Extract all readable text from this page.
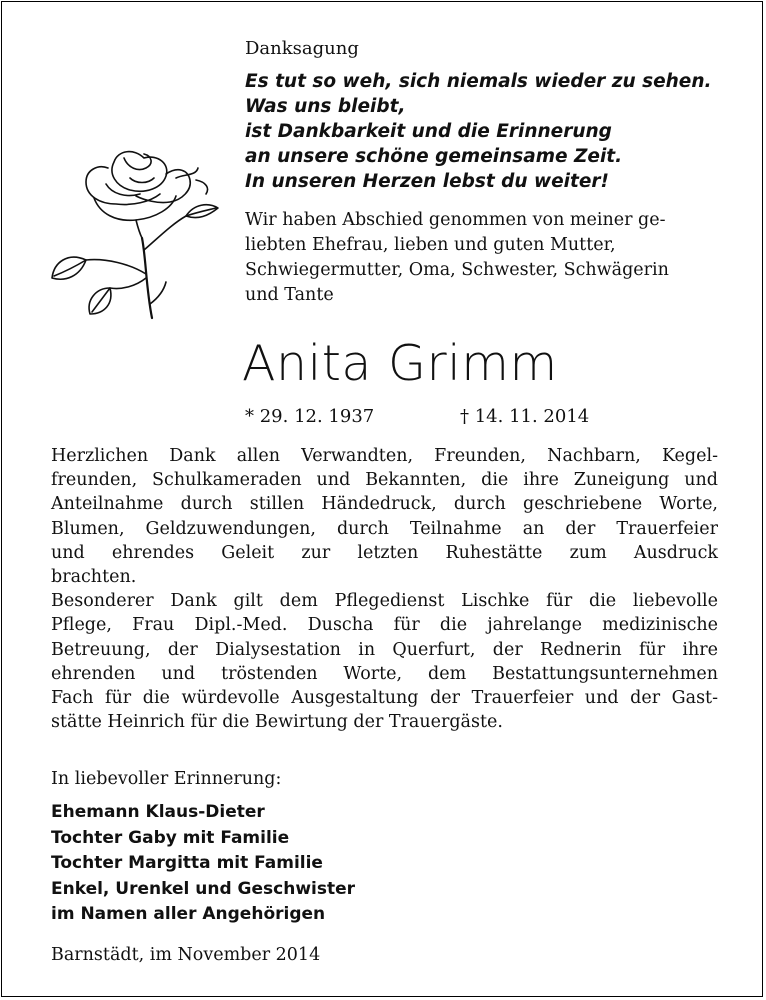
Danksagung
Es tut so weh, sich niemals wieder zu sehen.
Was uns bleibt,
ist Dankbarkeit und die Erinnerung
an unsere schöne gemeinsame Zeit.
In unseren Herzen lebst du weiter!
Wir haben Abschied genommen von meiner ge-
liebten Ehefrau, lieben und guten Mutter,
Schwiegermutter, Oma, Schwester, Schwägerin
und Tante
Anita Grimm
* 29. 12. 1937	† 14. 11. 2014
Herzlichen Dank allen Verwandten, Freunden, Nachbarn, Kegel-
freunden, Schulkameraden und Bekannten, die ihre Zuneigung und
Anteilnahme durch stillen Händedruck, durch geschriebene Worte,
Blumen, Geldzuwendungen, durch Teilnahme an der Trauerfeier
und ehrendes Geleit zur letzten Ruhestätte zum Ausdruck
brachten.
Besonderer Dank gilt dem Pflegedienst Lischke für die liebevolle
Pflege, Frau Dipl.-Med. Duscha für die jahrelange medizinische
Betreuung, der Dialysestation in Querfurt, der Rednerin für ihre
ehrenden und tröstenden Worte, dem Bestattungsunternehmen
Fach für die würdevolle Ausgestaltung der Trauerfeier und der Gast-
stätte Heinrich für die Bewirtung der Trauergäste.
In liebevoller Erinnerung:
Ehemann Klaus-Dieter
Tochter Gaby mit Familie
Tochter Margitta mit Familie
Enkel, Urenkel und Geschwister
im Namen aller Angehörigen
Barnstädt, im November 2014
